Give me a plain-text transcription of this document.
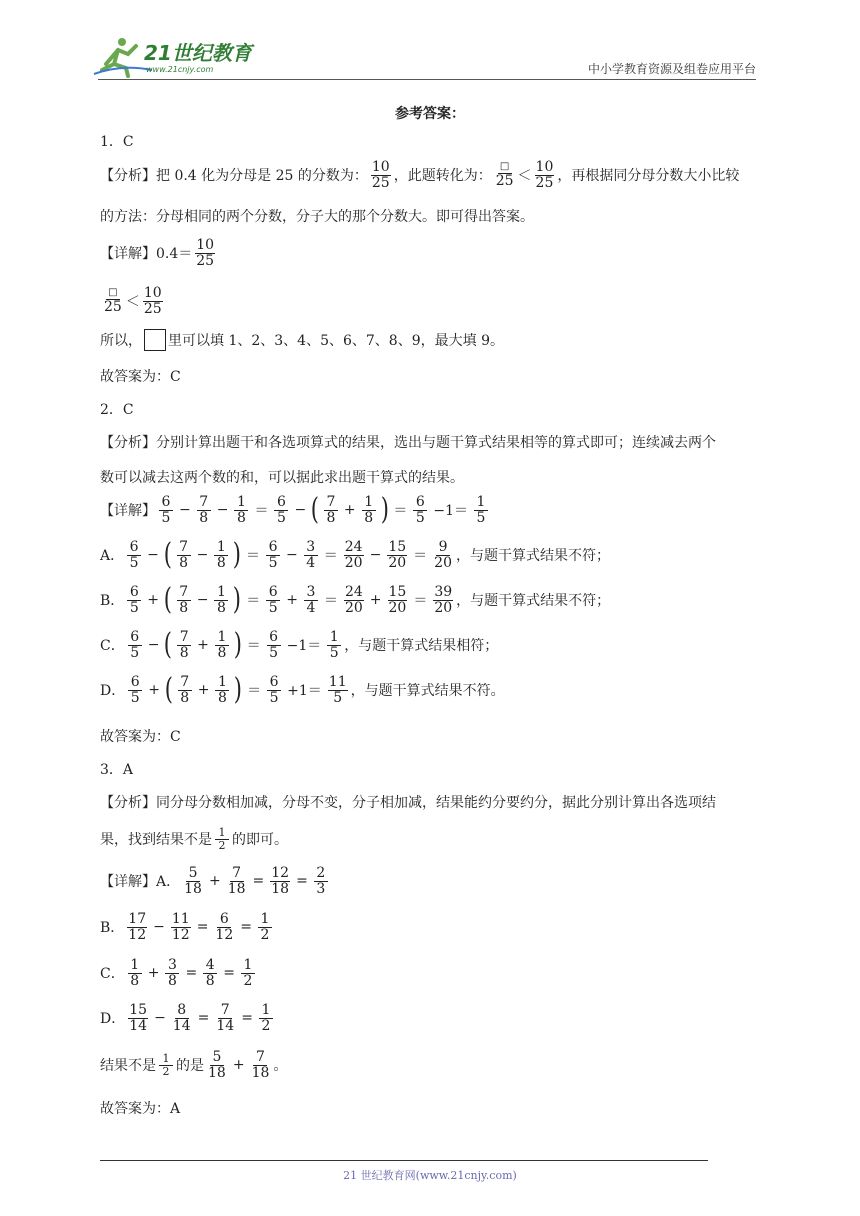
21世纪教育
www.21cnjy.com	中小学教育资源及组卷应用平台
参考答案：
1．C
【分析】把 0.4 化为分母是 25 的分数为： $\frac{10}{25}$ ，此题转化为： $\frac{□}{25} < \frac{10}{25}$ ，再根据同分母分数大小比较
的方法：分母相同的两个分数，分子大的那个分数大。即可得出答案。
【详解】$0.4= \frac{10}{25}$
$\frac{□}{25} < \frac{10}{25}$
所以， 里可以填 1、2、3、4、5、6、7、8、9，最大填 9。
故答案为：C
2．C
【分析】分别计算出题干和各选项算式的结果，选出与题干算式结果相等的算式即可；连续减去两个
数可以减去这两个数的和，可以据此求出题干算式的结果。
【详解】 $\frac{6}{5} - \frac{7}{8} - \frac{1}{8} = \frac{6}{5}$ − ( $\frac{7}{8} + \frac{1}{8}$ ) ＝ $\frac{6}{5} -1= \frac{1}{5}$
A． $\frac{6}{5}$ − ( $\frac{7}{8} - \frac{1}{8}$ ) ＝ $\frac{6}{5} - \frac{3}{4} = \frac{24}{20} - \frac{15}{20} = \frac{9}{20}$ ，与题干算式结果不符；
B． $\frac{6}{5}$ + ( $\frac{7}{8} - \frac{1}{8}$ ) ＝ $\frac{6}{5} + \frac{3}{4} = \frac{24}{20} + \frac{15}{20} = \frac{39}{20}$ ，与题干算式结果不符；
C． $\frac{6}{5}$ − ( $\frac{7}{8} + \frac{1}{8}$ ) ＝ $\frac{6}{5} -1= \frac{1}{5}$ ，与题干算式结果相符；
D． $\frac{6}{5}$ + ( $\frac{7}{8} + \frac{1}{8}$ ) ＝ $\frac{6}{5} +1= \frac{11}{5}$ ，与题干算式结果不符。
故答案为：C
3．A
【分析】同分母分数相加减，分母不变，分子相加减，结果能约分要约分，据此分别计算出各选项结
果，找到结果不是 $\frac{1}{2}$ 的即可。
【详解】A． $\frac{5}{18} + \frac{7}{18} = \frac{12}{18} = \frac{2}{3}$
B． $\frac{17}{12} - \frac{11}{12} = \frac{6}{12} = \frac{1}{2}$
C． $\frac{1}{8} + \frac{3}{8} = \frac{4}{8} = \frac{1}{2}$
D． $\frac{15}{14} - \frac{8}{14} = \frac{7}{14} = \frac{1}{2}$
结果不是 $\frac{1}{2}$ 的是 $\frac{5}{18} + \frac{7}{18}$ 。
故答案为：A
21 世纪教育网(www.21cnjy.com)
